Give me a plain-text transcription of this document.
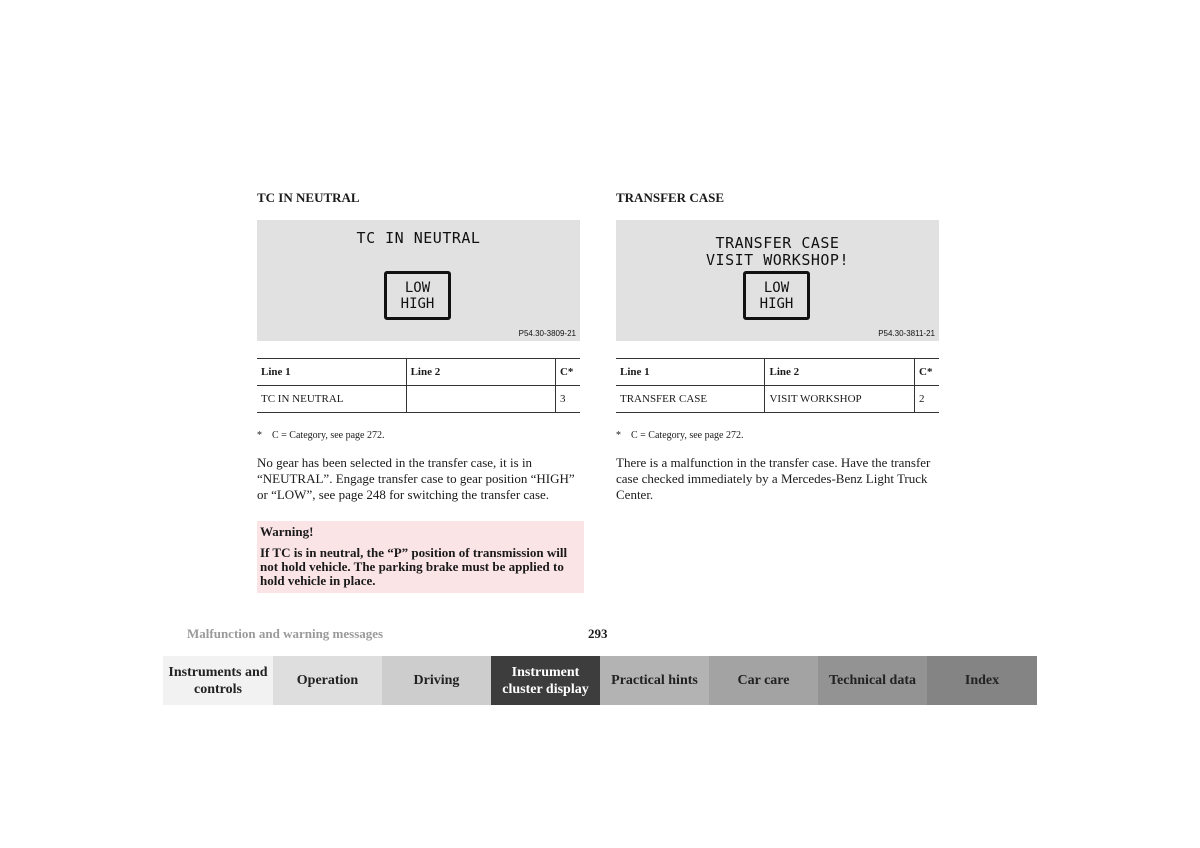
TC IN NEUTRAL
TC IN NEUTRAL
LOW
HIGH
P54.30-3809-21
Line 1	Line 2	C*
TC IN NEUTRAL		3
* C = Category, see page 272.
No gear has been selected in the transfer case, it is in “NEUTRAL”. Engage transfer case to gear position “HIGH” or “LOW”, see page 248 for switching the transfer case.
Warning!
If TC is in neutral, the “P” position of transmission will not hold vehicle. The parking brake must be applied to hold vehicle in place.
TRANSFER CASE
TRANSFER CASE
VISIT WORKSHOP!
LOW
HIGH
P54.30-3811-21
Line 1	Line 2	C*
TRANSFER CASE	VISIT WORKSHOP	2
* C = Category, see page 272.
There is a malfunction in the transfer case. Have the transfer case checked immediately by a Mercedes-Benz Light Truck Center.
Malfunction and warning messages	293
Instruments and controls
Operation	Driving
Instrument cluster display
Practical hints	Car care	Technical data	Index
